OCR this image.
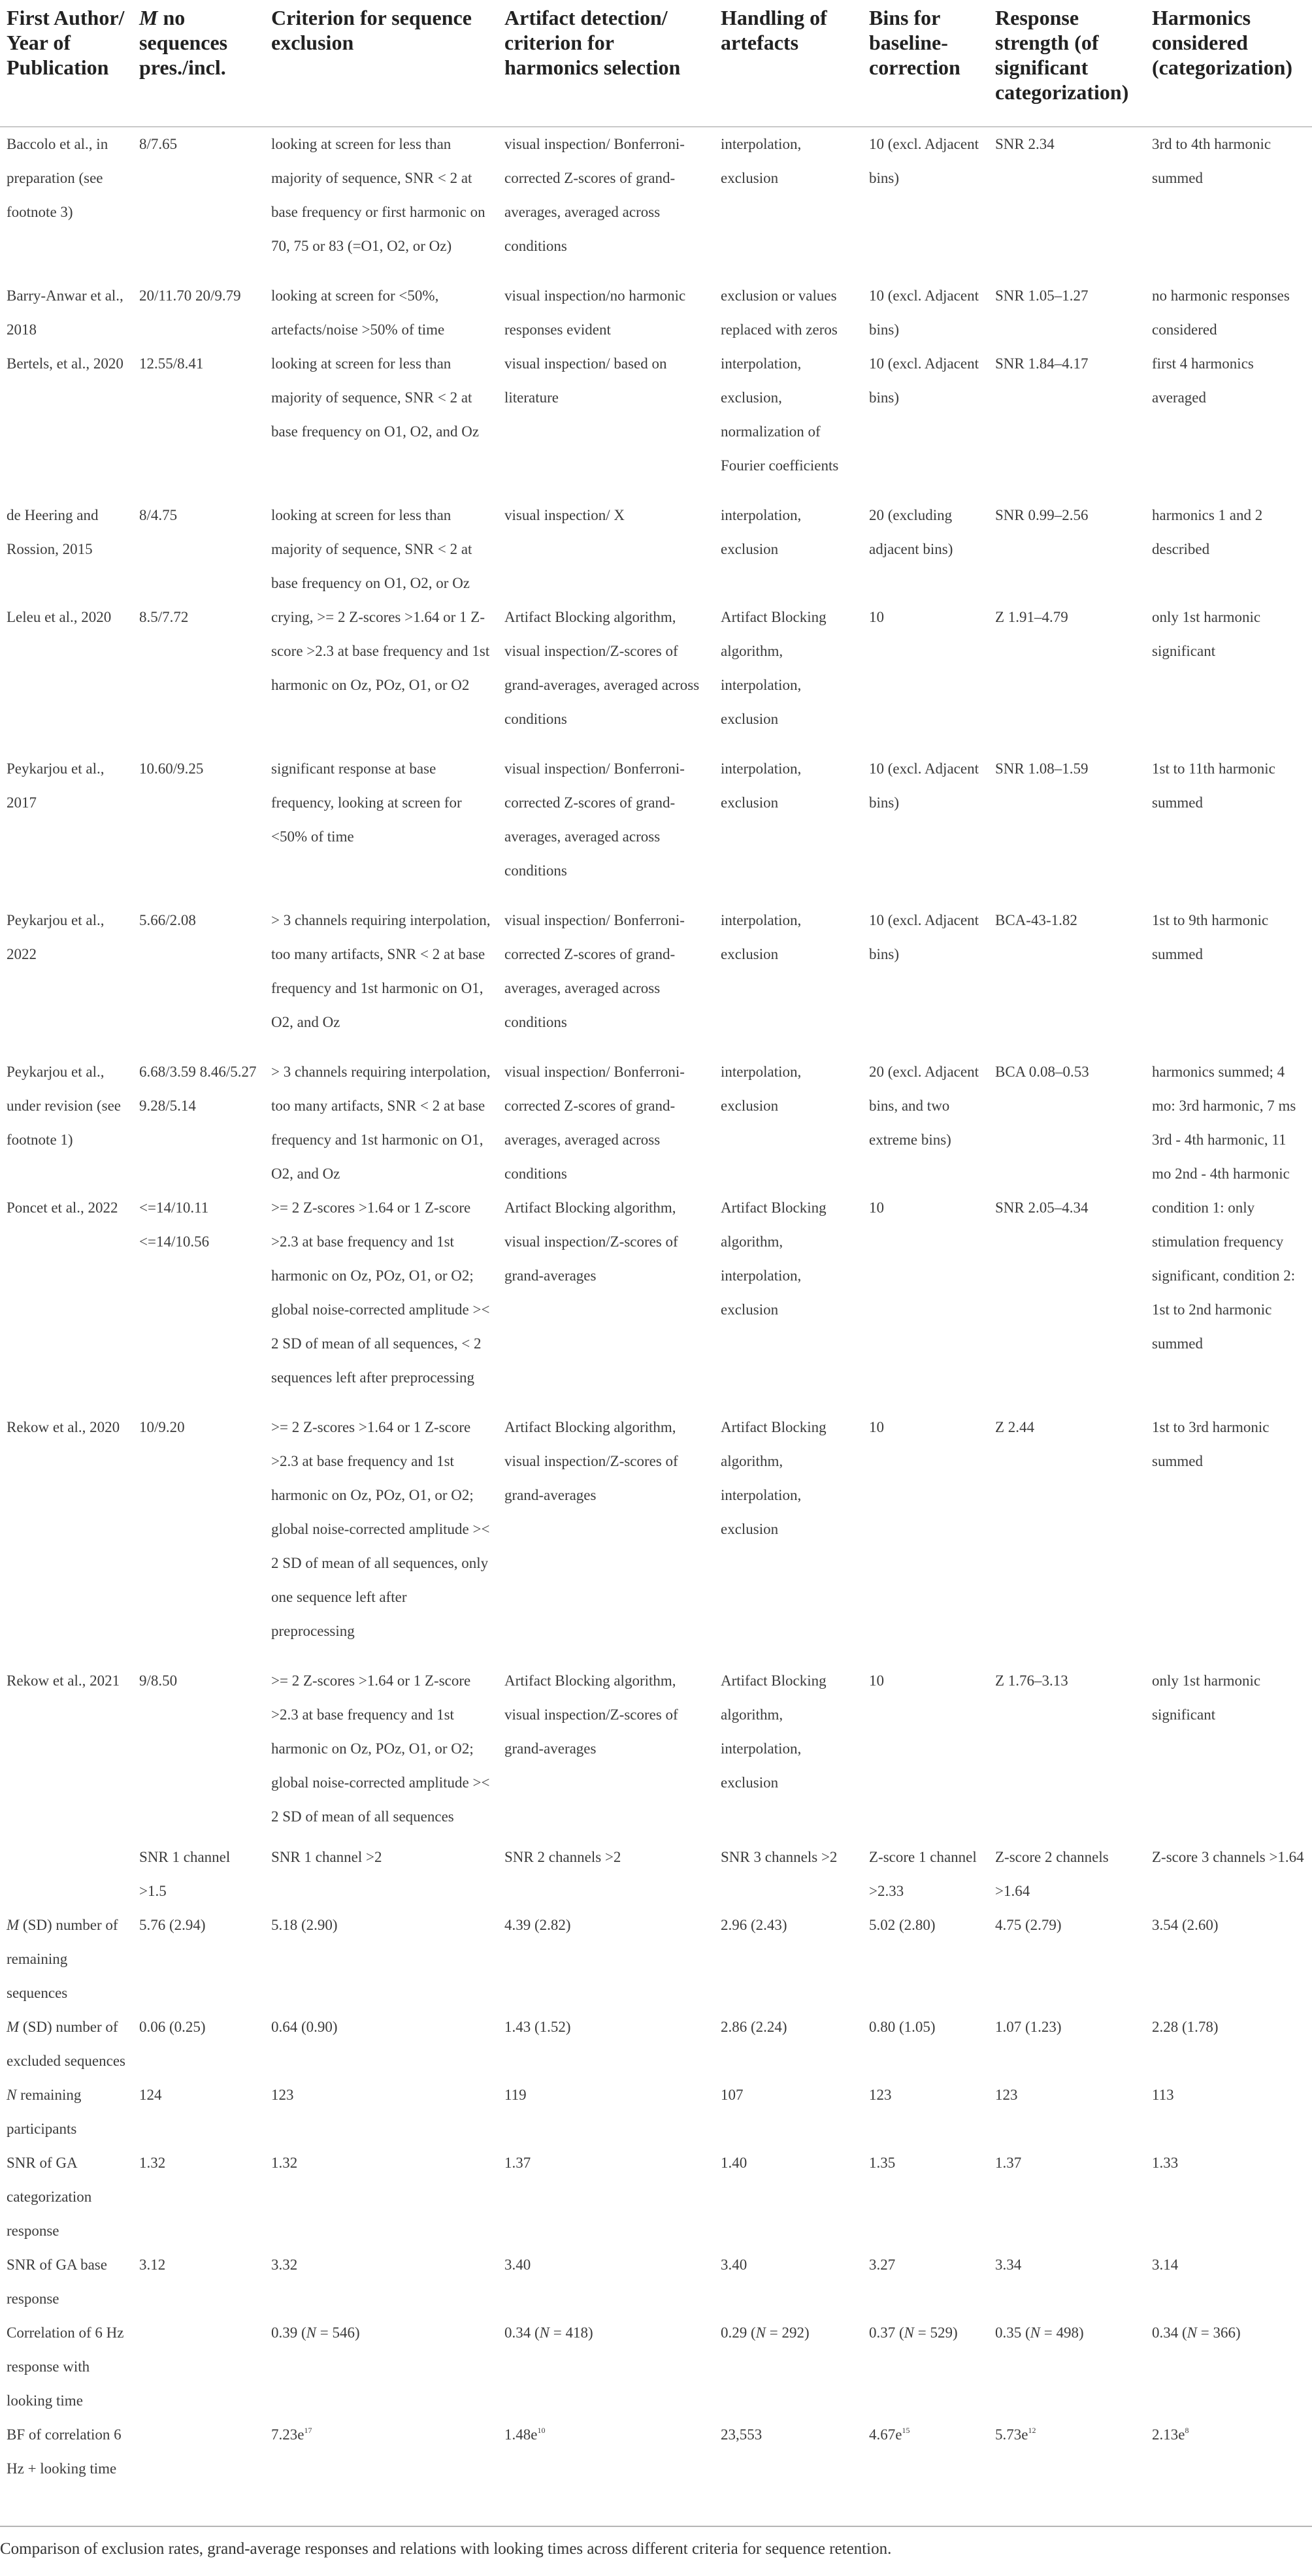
First Author/ Year of Publication	M no sequences pres./incl.	Criterion for sequence exclusion	Artifact detection/ criterion for harmonics selection	Handling of artefacts	Bins for baseline-correction	Response strength (of significant categorization)	Harmonics considered (categorization)
Baccolo et al., in preparation (see footnote 3)	8/7.65	looking at screen for less than majority of sequence, SNR < 2 at base frequency or first harmonic on 70, 75 or 83 (=O1, O2, or Oz)	visual inspection/ Bonferroni-corrected Z-scores of grand-averages, averaged across conditions	interpolation, exclusion	10 (excl. Adjacent bins)	SNR 2.34	3rd to 4th harmonic summed
Barry-Anwar et al., 2018	20/11.70 20/9.79	looking at screen for <50%, artefacts/noise >50% of time	visual inspection/no harmonic responses evident	exclusion or values replaced with zeros	10 (excl. Adjacent bins)	SNR 1.05–1.27	no harmonic responses considered
Bertels, et al., 2020	12.55/8.41	looking at screen for less than majority of sequence, SNR < 2 at base frequency on O1, O2, and Oz	visual inspection/ based on literature	interpolation, exclusion, normalization of Fourier coefficients	10 (excl. Adjacent bins)	SNR 1.84–4.17	first 4 harmonics averaged
de Heering and Rossion, 2015	8/4.75	looking at screen for less than majority of sequence, SNR < 2 at base frequency on O1, O2, or Oz	visual inspection/ X	interpolation, exclusion	20 (excluding adjacent bins)	SNR 0.99–2.56	harmonics 1 and 2 described
Leleu et al., 2020	8.5/7.72	crying, >= 2 Z-scores >1.64 or 1 Z-score >2.3 at base frequency and 1st harmonic on Oz, POz, O1, or O2	Artifact Blocking algorithm, visual inspection/Z-scores of grand-averages, averaged across conditions	Artifact Blocking algorithm, interpolation, exclusion	10	Z 1.91–4.79	only 1st harmonic significant
Peykarjou et al., 2017	10.60/9.25	significant response at base frequency, looking at screen for <50% of time	visual inspection/ Bonferroni-corrected Z-scores of grand-averages, averaged across conditions	interpolation, exclusion	10 (excl. Adjacent bins)	SNR 1.08–1.59	1st to 11th harmonic summed
Peykarjou et al., 2022	5.66/2.08	> 3 channels requiring interpolation, too many artifacts, SNR < 2 at base frequency and 1st harmonic on O1, O2, and Oz	visual inspection/ Bonferroni-corrected Z-scores of grand-averages, averaged across conditions	interpolation, exclusion	10 (excl. Adjacent bins)	BCA-43-1.82	1st to 9th harmonic summed
Peykarjou et al., under revision (see footnote 1)	6.68/3.59 8.46/5.27 9.28/5.14	> 3 channels requiring interpolation, too many artifacts, SNR < 2 at base frequency and 1st harmonic on O1, O2, and Oz	visual inspection/ Bonferroni-corrected Z-scores of grand-averages, averaged across conditions	interpolation, exclusion	20 (excl. Adjacent bins, and two extreme bins)	BCA 0.08–0.53	harmonics summed; 4 mo: 3rd harmonic, 7 ms 3rd - 4th harmonic, 11 mo 2nd - 4th harmonic
Poncet et al., 2022	<=14/10.11 <=14/10.56	>= 2 Z-scores >1.64 or 1 Z-score >2.3 at base frequency and 1st harmonic on Oz, POz, O1, or O2; global noise-corrected amplitude >< 2 SD of mean of all sequences, < 2 sequences left after preprocessing	Artifact Blocking algorithm, visual inspection/Z-scores of grand-averages	Artifact Blocking algorithm, interpolation, exclusion	10	SNR 2.05–4.34	condition 1: only stimulation frequency significant, condition 2: 1st to 2nd harmonic summed
Rekow et al., 2020	10/9.20	>= 2 Z-scores >1.64 or 1 Z-score >2.3 at base frequency and 1st harmonic on Oz, POz, O1, or O2; global noise-corrected amplitude >< 2 SD of mean of all sequences, only one sequence left after preprocessing	Artifact Blocking algorithm, visual inspection/Z-scores of grand-averages	Artifact Blocking algorithm, interpolation, exclusion	10	Z 2.44	1st to 3rd harmonic summed
Rekow et al., 2021	9/8.50	>= 2 Z-scores >1.64 or 1 Z-score >2.3 at base frequency and 1st harmonic on Oz, POz, O1, or O2; global noise-corrected amplitude >< 2 SD of mean of all sequences	Artifact Blocking algorithm, visual inspection/Z-scores of grand-averages	Artifact Blocking algorithm, interpolation, exclusion	10	Z 1.76–3.13	only 1st harmonic significant
	SNR 1 channel >1.5	SNR 1 channel >2	SNR 2 channels >2	SNR 3 channels >2	Z-score 1 channel >2.33	Z-score 2 channels >1.64	Z-score 3 channels >1.64
M (SD) number of remaining sequences	5.76 (2.94)	5.18 (2.90)	4.39 (2.82)	2.96 (2.43)	5.02 (2.80)	4.75 (2.79)	3.54 (2.60)
M (SD) number of excluded sequences	0.06 (0.25)	0.64 (0.90)	1.43 (1.52)	2.86 (2.24)	0.80 (1.05)	1.07 (1.23)	2.28 (1.78)
N remaining participants	124	123	119	107	123	123	113
SNR of GA categorization response	1.32	1.32	1.37	1.40	1.35	1.37	1.33
SNR of GA base response	3.12	3.32	3.40	3.40	3.27	3.34	3.14
Correlation of 6 Hz response with looking time		0.39 (N = 546)	0.34 (N = 418)	0.29 (N = 292)	0.37 (N = 529)	0.35 (N = 498)	0.34 (N = 366)
BF of correlation 6 Hz + looking time		$7.23e^{17}$	$1.48e^{10}$	23,553	$4.67e^{15}$	$5.73e^{12}$	$2.13e^8$
Comparison of exclusion rates, grand-average responses and relations with looking times across different criteria for sequence retention.
